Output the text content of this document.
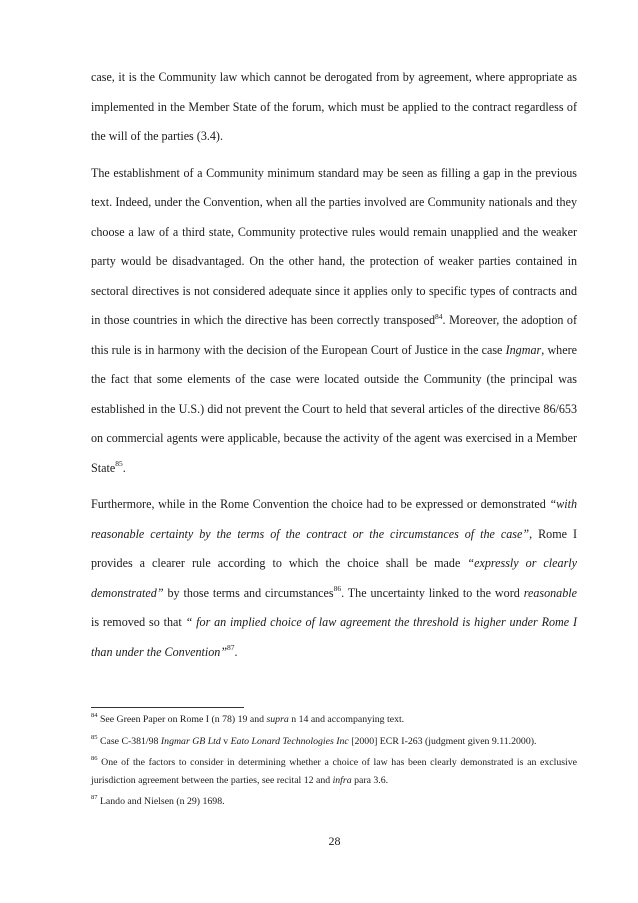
case, it is the Community law which cannot be derogated from by agreement, where appropriate as implemented in the Member State of the forum, which must be applied to the contract regardless of the will of the parties (3.4).

The establishment of a Community minimum standard may be seen as filling a gap in the previous text. Indeed, under the Convention, when all the parties involved are Community nationals and they choose a law of a third state, Community protective rules would remain unapplied and the weaker party would be disadvantaged. On the other hand, the protection of weaker parties contained in sectoral directives is not considered adequate since it applies only to specific types of contracts and in those countries in which the directive has been correctly transposed$^{84}$. Moreover, the adoption of this rule is in harmony with the decision of the European Court of Justice in the case Ingmar, where the fact that some elements of the case were located outside the Community (the principal was established in the U.S.) did not prevent the Court to held that several articles of the directive 86/653 on commercial agents were applicable, because the activity of the agent was exercised in a Member State$^{85}$.

Furthermore, while in the Rome Convention the choice had to be expressed or demonstrated “with reasonable certainty by the terms of the contract or the circumstances of the case”, Rome I provides a clearer rule according to which the choice shall be made “expressly or clearly demonstrated” by those terms and circumstances$^{86}$. The uncertainty linked to the word reasonable is removed so that “ for an implied choice of law agreement the threshold is higher under Rome I than under the Convention”$^{87}$.

$^{84}$ See Green Paper on Rome I (n 78) 19 and supra n 14 and accompanying text.

$^{85}$ Case C-381/98 Ingmar GB Ltd v Eato Lonard Technologies Inc [2000] ECR I-263 (judgment given 9.11.2000).

$^{86}$ One of the factors to consider in determining whether a choice of law has been clearly demonstrated is an exclusive jurisdiction agreement between the parties, see recital 12 and infra para 3.6.

$^{87}$ Lando and Nielsen (n 29) 1698.

28
